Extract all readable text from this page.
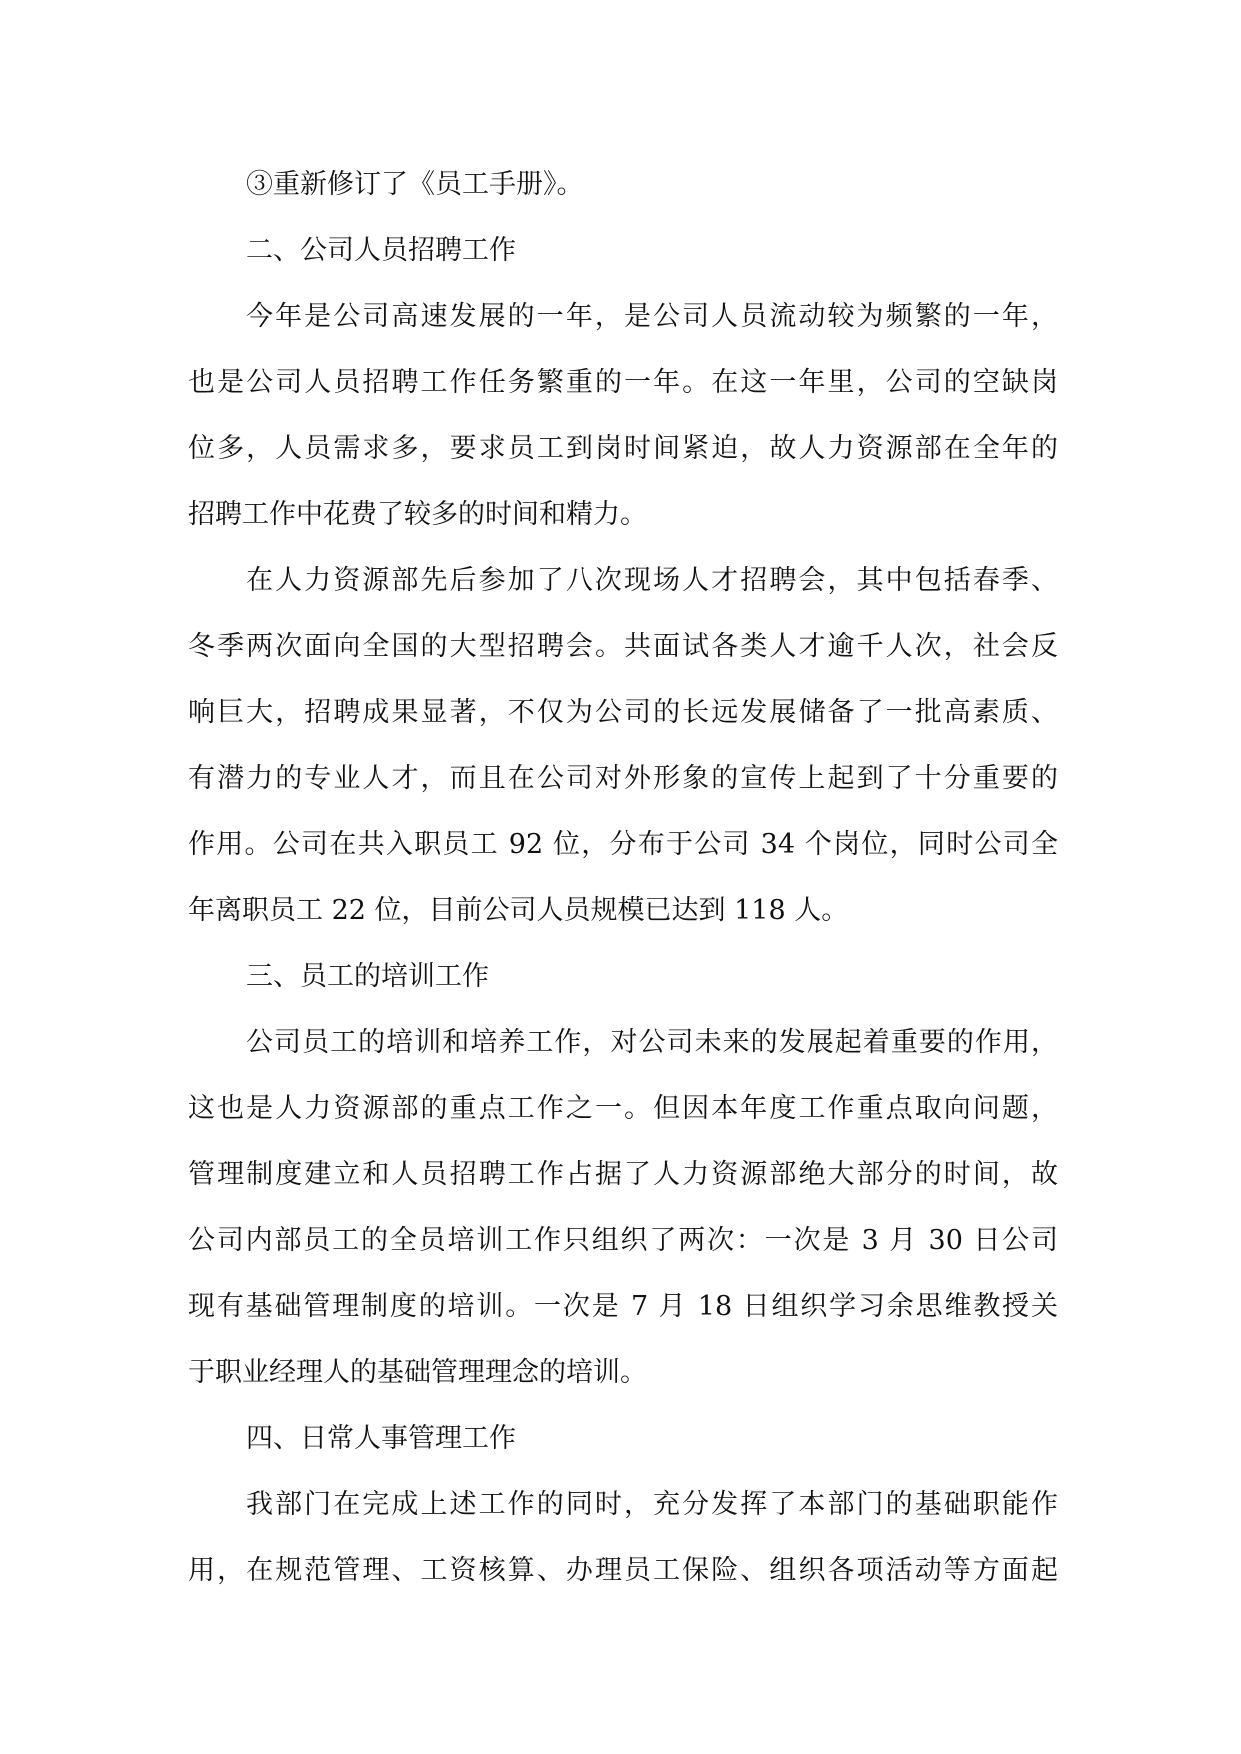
③重新修订了《员工手册》。
二、公司人员招聘工作
今年是公司高速发展的一年，是公司人员流动较为频繁的一年，
也是公司人员招聘工作任务繁重的一年。在这一年里，公司的空缺岗
位多，人员需求多，要求员工到岗时间紧迫，故人力资源部在全年的
招聘工作中花费了较多的时间和精力。
在人力资源部先后参加了八次现场人才招聘会，其中包括春季、
冬季两次面向全国的大型招聘会。共面试各类人才逾千人次，社会反
响巨大，招聘成果显著，不仅为公司的长远发展储备了一批高素质、
有潜力的专业人才，而且在公司对外形象的宣传上起到了十分重要的
作用。公司在共入职员工 92 位，分布于公司 34 个岗位，同时公司全
年离职员工 22 位，目前公司人员规模已达到 118 人。
三、员工的培训工作
公司员工的培训和培养工作，对公司未来的发展起着重要的作用，
这也是人力资源部的重点工作之一。但因本年度工作重点取向问题，
管理制度建立和人员招聘工作占据了人力资源部绝大部分的时间，故
公司内部员工的全员培训工作只组织了两次：一次是 3 月 30 日公司
现有基础管理制度的培训。一次是 7 月 18 日组织学习余思维教授关
于职业经理人的基础管理理念的培训。
四、日常人事管理工作
我部门在完成上述工作的同时，充分发挥了本部门的基础职能作
用，在规范管理、工资核算、办理员工保险、组织各项活动等方面起
